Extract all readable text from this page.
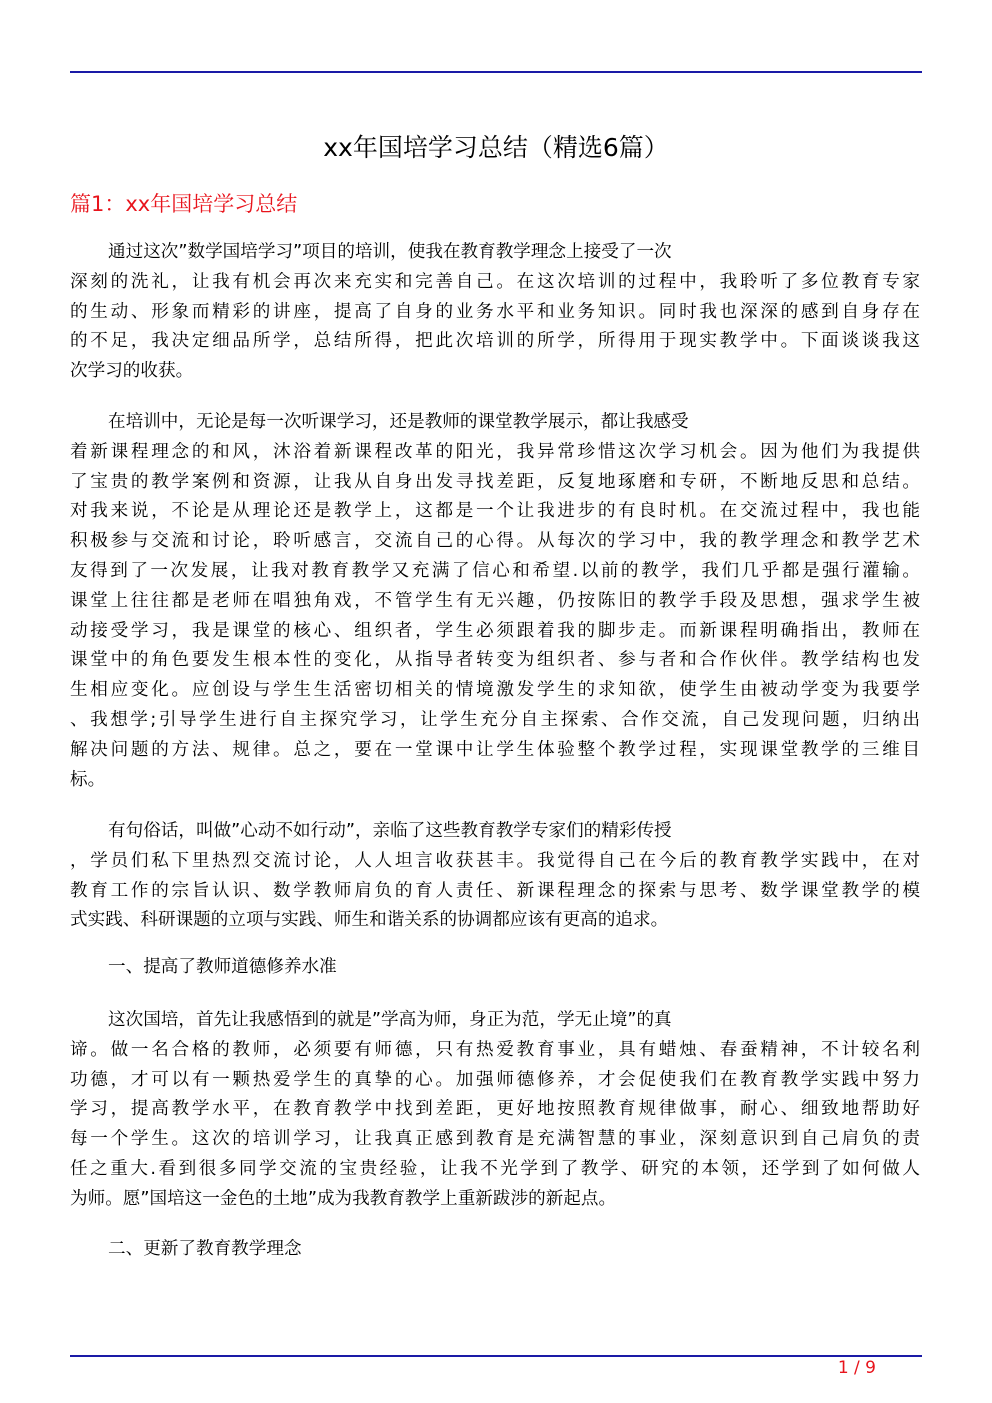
xx年国培学习总结（精选6篇）
篇1：xx年国培学习总结
通过这次”数学国培学习”项目的培训，使我在教育教学理念上接受了一次
深刻的洗礼，让我有机会再次来充实和完善自己。在这次培训的过程中，我聆听了多位教育专家
的生动、形象而精彩的讲座，提高了自身的业务水平和业务知识。同时我也深深的感到自身存在
的不足，我决定细品所学，总结所得，把此次培训的所学，所得用于现实教学中。下面谈谈我这
次学习的收获。
在培训中，无论是每一次听课学习，还是教师的课堂教学展示，都让我感受
着新课程理念的和风，沐浴着新课程改革的阳光，我异常珍惜这次学习机会。因为他们为我提供
了宝贵的教学案例和资源，让我从自身出发寻找差距，反复地琢磨和专研，不断地反思和总结。
对我来说，不论是从理论还是教学上，这都是一个让我进步的有良时机。在交流过程中，我也能
积极参与交流和讨论，聆听感言，交流自己的心得。从每次的学习中，我的教学理念和教学艺术
友得到了一次发展，让我对教育教学又充满了信心和希望.以前的教学，我们几乎都是强行灌输。
课堂上往往都是老师在唱独角戏，不管学生有无兴趣，仍按陈旧的教学手段及思想，强求学生被
动接受学习，我是课堂的核心、组织者，学生必须跟着我的脚步走。而新课程明确指出，教师在
课堂中的角色要发生根本性的变化，从指导者转变为组织者、参与者和合作伙伴。教学结构也发
生相应变化。应创设与学生生活密切相关的情境激发学生的求知欲，使学生由被动学变为我要学
、我想学;引导学生进行自主探究学习，让学生充分自主探索、合作交流，自己发现问题，归纳出
解决问题的方法、规律。总之，要在一堂课中让学生体验整个教学过程，实现课堂教学的三维目
标。
有句俗话，叫做”心动不如行动”，亲临了这些教育教学专家们的精彩传授
，学员们私下里热烈交流讨论，人人坦言收获甚丰。我觉得自己在今后的教育教学实践中，在对
教育工作的宗旨认识、数学教师肩负的育人责任、新课程理念的探索与思考、数学课堂教学的模
式实践、科研课题的立项与实践、师生和谐关系的协调都应该有更高的追求。
一、提高了教师道德修养水准
这次国培，首先让我感悟到的就是”学高为师，身正为范，学无止境”的真
谛。做一名合格的教师，必须要有师德，只有热爱教育事业，具有蜡烛、春蚕精神，不计较名利
功德，才可以有一颗热爱学生的真挚的心。加强师德修养，才会促使我们在教育教学实践中努力
学习，提高教学水平，在教育教学中找到差距，更好地按照教育规律做事，耐心、细致地帮助好
每一个学生。这次的培训学习，让我真正感到教育是充满智慧的事业，深刻意识到自己肩负的责
任之重大.看到很多同学交流的宝贵经验，让我不光学到了教学、研究的本领，还学到了如何做人
为师。愿”国培这一金色的土地”成为我教育教学上重新跋涉的新起点。
二、更新了教育教学理念
1 / 9
